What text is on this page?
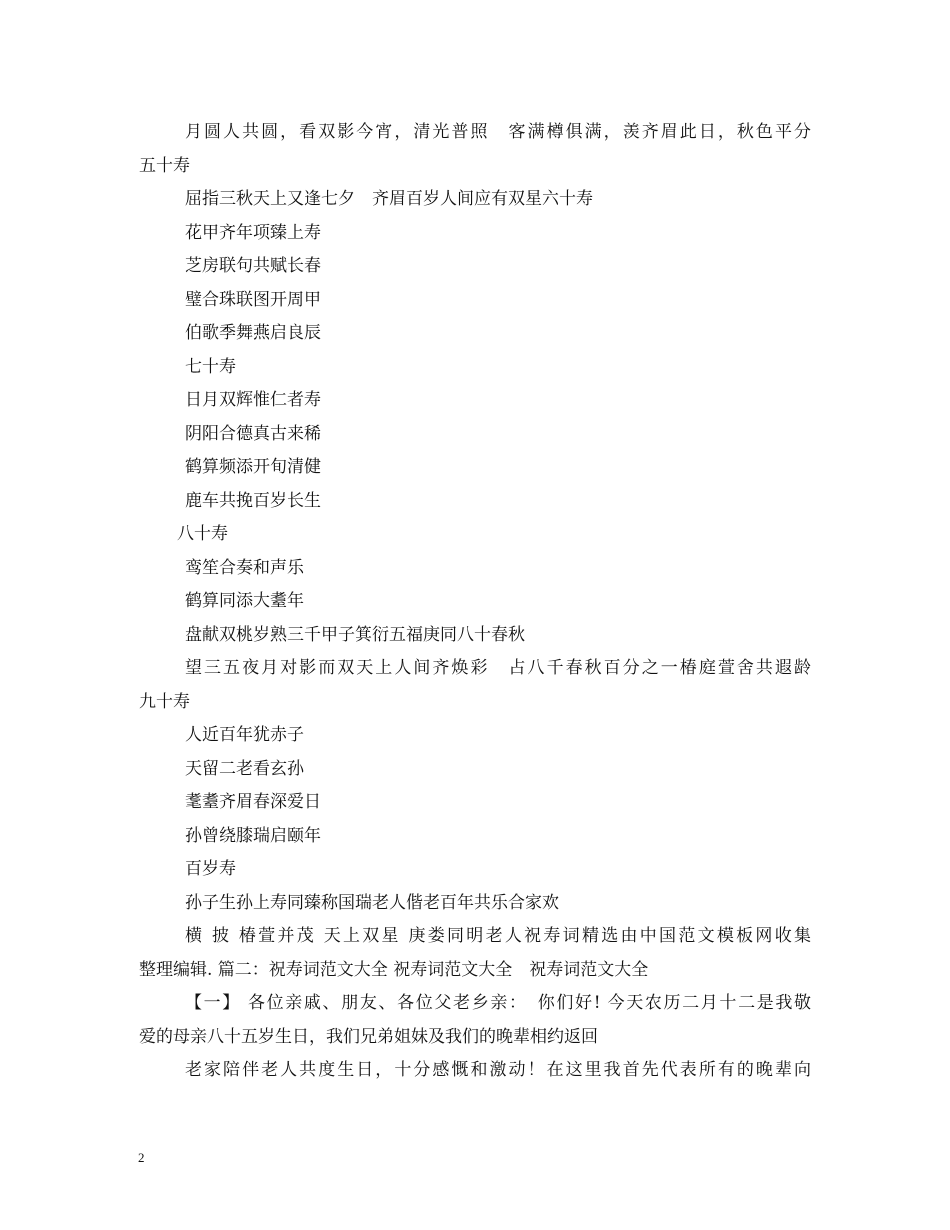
月圆人共圆，看双影今宵，清光普照　客满樽俱满，羡齐眉此日，秋色平分
五十寿
屈指三秋天上又逢七夕　齐眉百岁人间应有双星六十寿
花甲齐年项臻上寿
芝房联句共赋长春
璧合珠联图开周甲
伯歌季舞燕启良辰
七十寿
日月双辉惟仁者寿
阴阳合德真古来稀
鹤算频添开旬清健
鹿车共挽百岁长生
八十寿
鸾笙合奏和声乐
鹤算同添大耋年
盘献双桃岁熟三千甲子箕衍五福庚同八十春秋
望三五夜月对影而双天上人间齐焕彩　占八千春秋百分之一椿庭萱舍共遐龄
九十寿
人近百年犹赤子
天留二老看玄孙
耄耋齐眉春深爱日
孙曾绕膝瑞启颐年
百岁寿
孙子生孙上寿同臻称国瑞老人偕老百年共乐合家欢
横 披 椿萱并茂 天上双星 庚娄同明老人祝寿词精选由中国范文模板网收集
整理编辑. 篇二：祝寿词范文大全 祝寿词范文大全　祝寿词范文大全
【一】 各位亲戚、朋友、各位父老乡亲：　你们好! 今天农历二月十二是我敬
爱的母亲八十五岁生日，我们兄弟姐妹及我们的晚辈相约返回
老家陪伴老人共度生日，十分感慨和激动！在这里我首先代表所有的晚辈向
2
